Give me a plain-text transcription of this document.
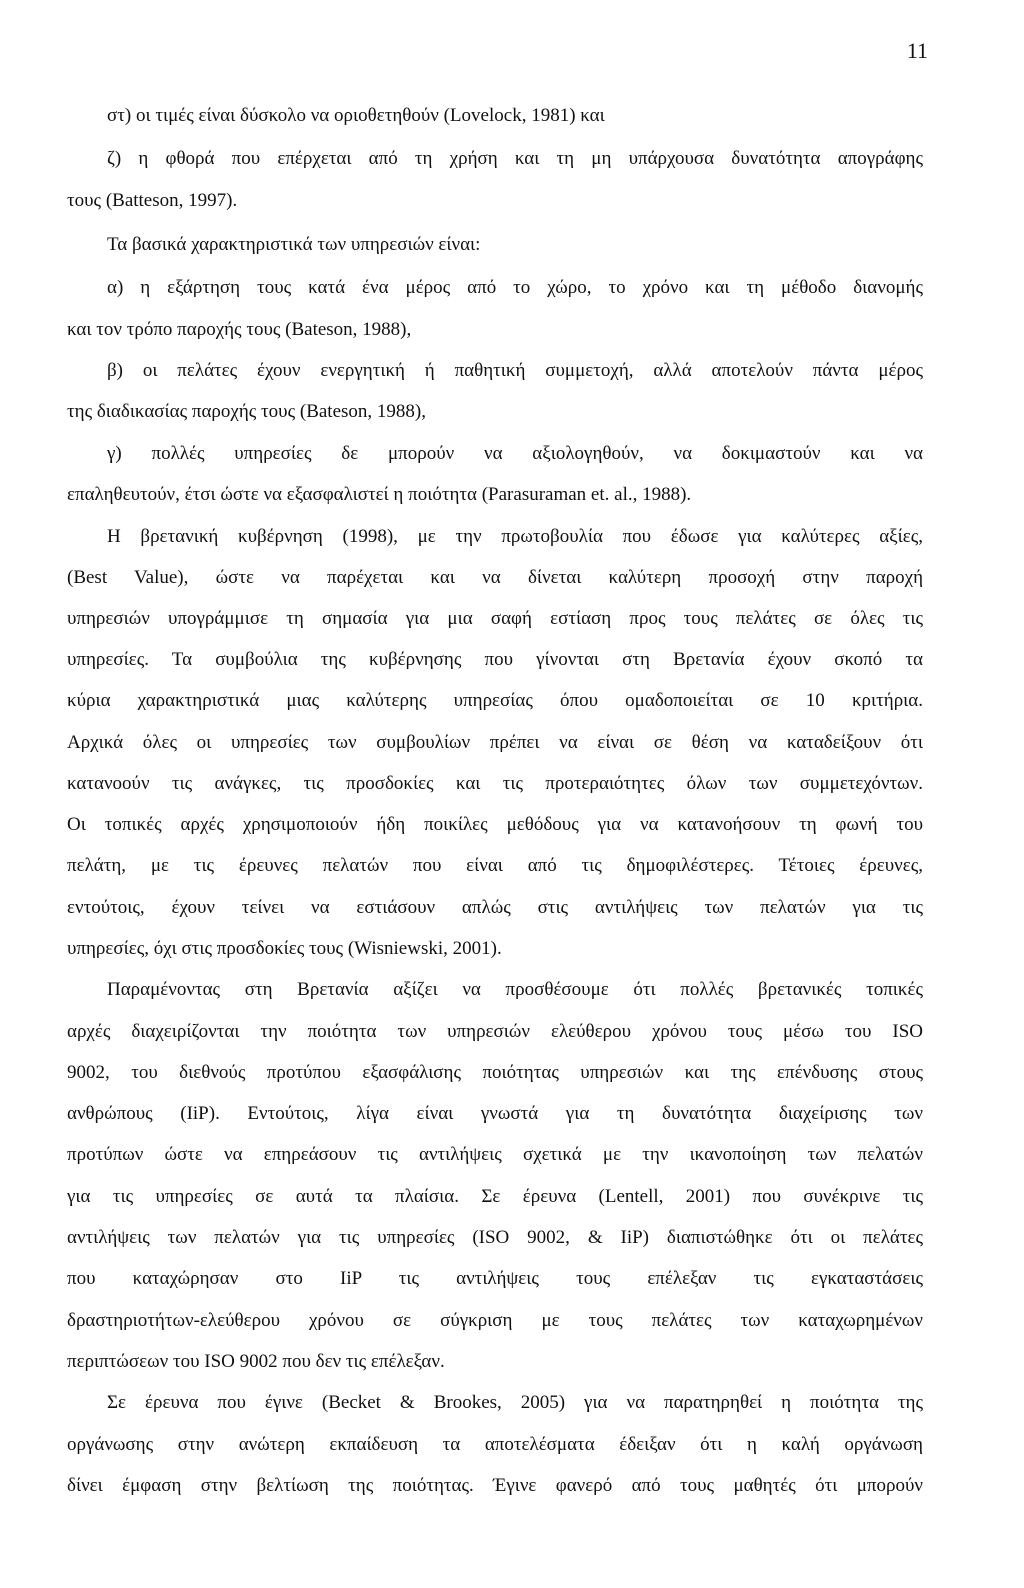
11
στ) οι τιμές είναι δύσκολο να οριοθετηθούν (Lovelock, 1981) και
ζ) η φθορά που επέρχεται από τη χρήση και τη μη υπάρχουσα δυνατότητα απογράφης
τους (Batteson, 1997).
Τα βασικά χαρακτηριστικά των υπηρεσιών είναι:
α) η εξάρτηση τους κατά ένα μέρος από το χώρο, το χρόνο και τη μέθοδο διανομής
και τον τρόπο παροχής τους (Bateson, 1988),
β) οι πελάτες έχουν ενεργητική ή παθητική συμμετοχή, αλλά αποτελούν πάντα μέρος
της διαδικασίας παροχής τους (Bateson, 1988),
γ) πολλές υπηρεσίες δε μπορούν να αξιολογηθούν, να δοκιμαστούν και να
επαληθευτούν, έτσι ώστε να εξασφαλιστεί η ποιότητα (Parasuraman et. al., 1988).
Η βρετανική κυβέρνηση (1998), με την πρωτοβουλία που έδωσε για καλύτερες αξίες,
(Best Value), ώστε να παρέχεται και να δίνεται καλύτερη προσοχή στην παροχή
υπηρεσιών υπογράμμισε τη σημασία για μια σαφή εστίαση προς τους πελάτες σε όλες τις
υπηρεσίες. Τα συμβούλια της κυβέρνησης που γίνονται στη Βρετανία έχουν σκοπό τα
κύρια χαρακτηριστικά μιας καλύτερης υπηρεσίας όπου ομαδοποιείται σε 10 κριτήρια.
Αρχικά όλες οι υπηρεσίες των συμβουλίων πρέπει να είναι σε θέση να καταδείξουν ότι
κατανοούν τις ανάγκες, τις προσδοκίες και τις προτεραιότητες όλων των συμμετεχόντων.
Οι τοπικές αρχές χρησιμοποιούν ήδη ποικίλες μεθόδους για να κατανοήσουν τη φωνή του
πελάτη, με τις έρευνες πελατών που είναι από τις δημοφιλέστερες. Τέτοιες έρευνες,
εντούτοις, έχουν τείνει να εστιάσουν απλώς στις αντιλήψεις των πελατών για τις
υπηρεσίες, όχι στις προσδοκίες τους (Wisniewski, 2001).
Παραμένοντας στη Βρετανία αξίζει να προσθέσουμε ότι πολλές βρετανικές τοπικές
αρχές διαχειρίζονται την ποιότητα των υπηρεσιών ελεύθερου χρόνου τους μέσω του ISO
9002, του διεθνούς προτύπου εξασφάλισης ποιότητας υπηρεσιών και της επένδυσης στους
ανθρώπους (IiP). Εντούτοις, λίγα είναι γνωστά για τη δυνατότητα διαχείρισης των
προτύπων ώστε να επηρεάσουν τις αντιλήψεις σχετικά με την ικανοποίηση των πελατών
για τις υπηρεσίες σε αυτά τα πλαίσια. Σε έρευνα (Lentell, 2001) που συνέκρινε τις
αντιλήψεις των πελατών για τις υπηρεσίες (ISO 9002, & IiP) διαπιστώθηκε ότι οι πελάτες
που καταχώρησαν στο IiP τις αντιλήψεις τους επέλεξαν τις εγκαταστάσεις
δραστηριοτήτων-ελεύθερου χρόνου σε σύγκριση με τους πελάτες των καταχωρημένων
περιπτώσεων του ISO 9002 που δεν τις επέλεξαν.
Σε έρευνα που έγινε (Becket & Brookes, 2005) για να παρατηρηθεί η ποιότητα της
οργάνωσης στην ανώτερη εκπαίδευση τα αποτελέσματα έδειξαν ότι η καλή οργάνωση
δίνει έμφαση στην βελτίωση της ποιότητας. Έγινε φανερό από τους μαθητές ότι μπορούν
